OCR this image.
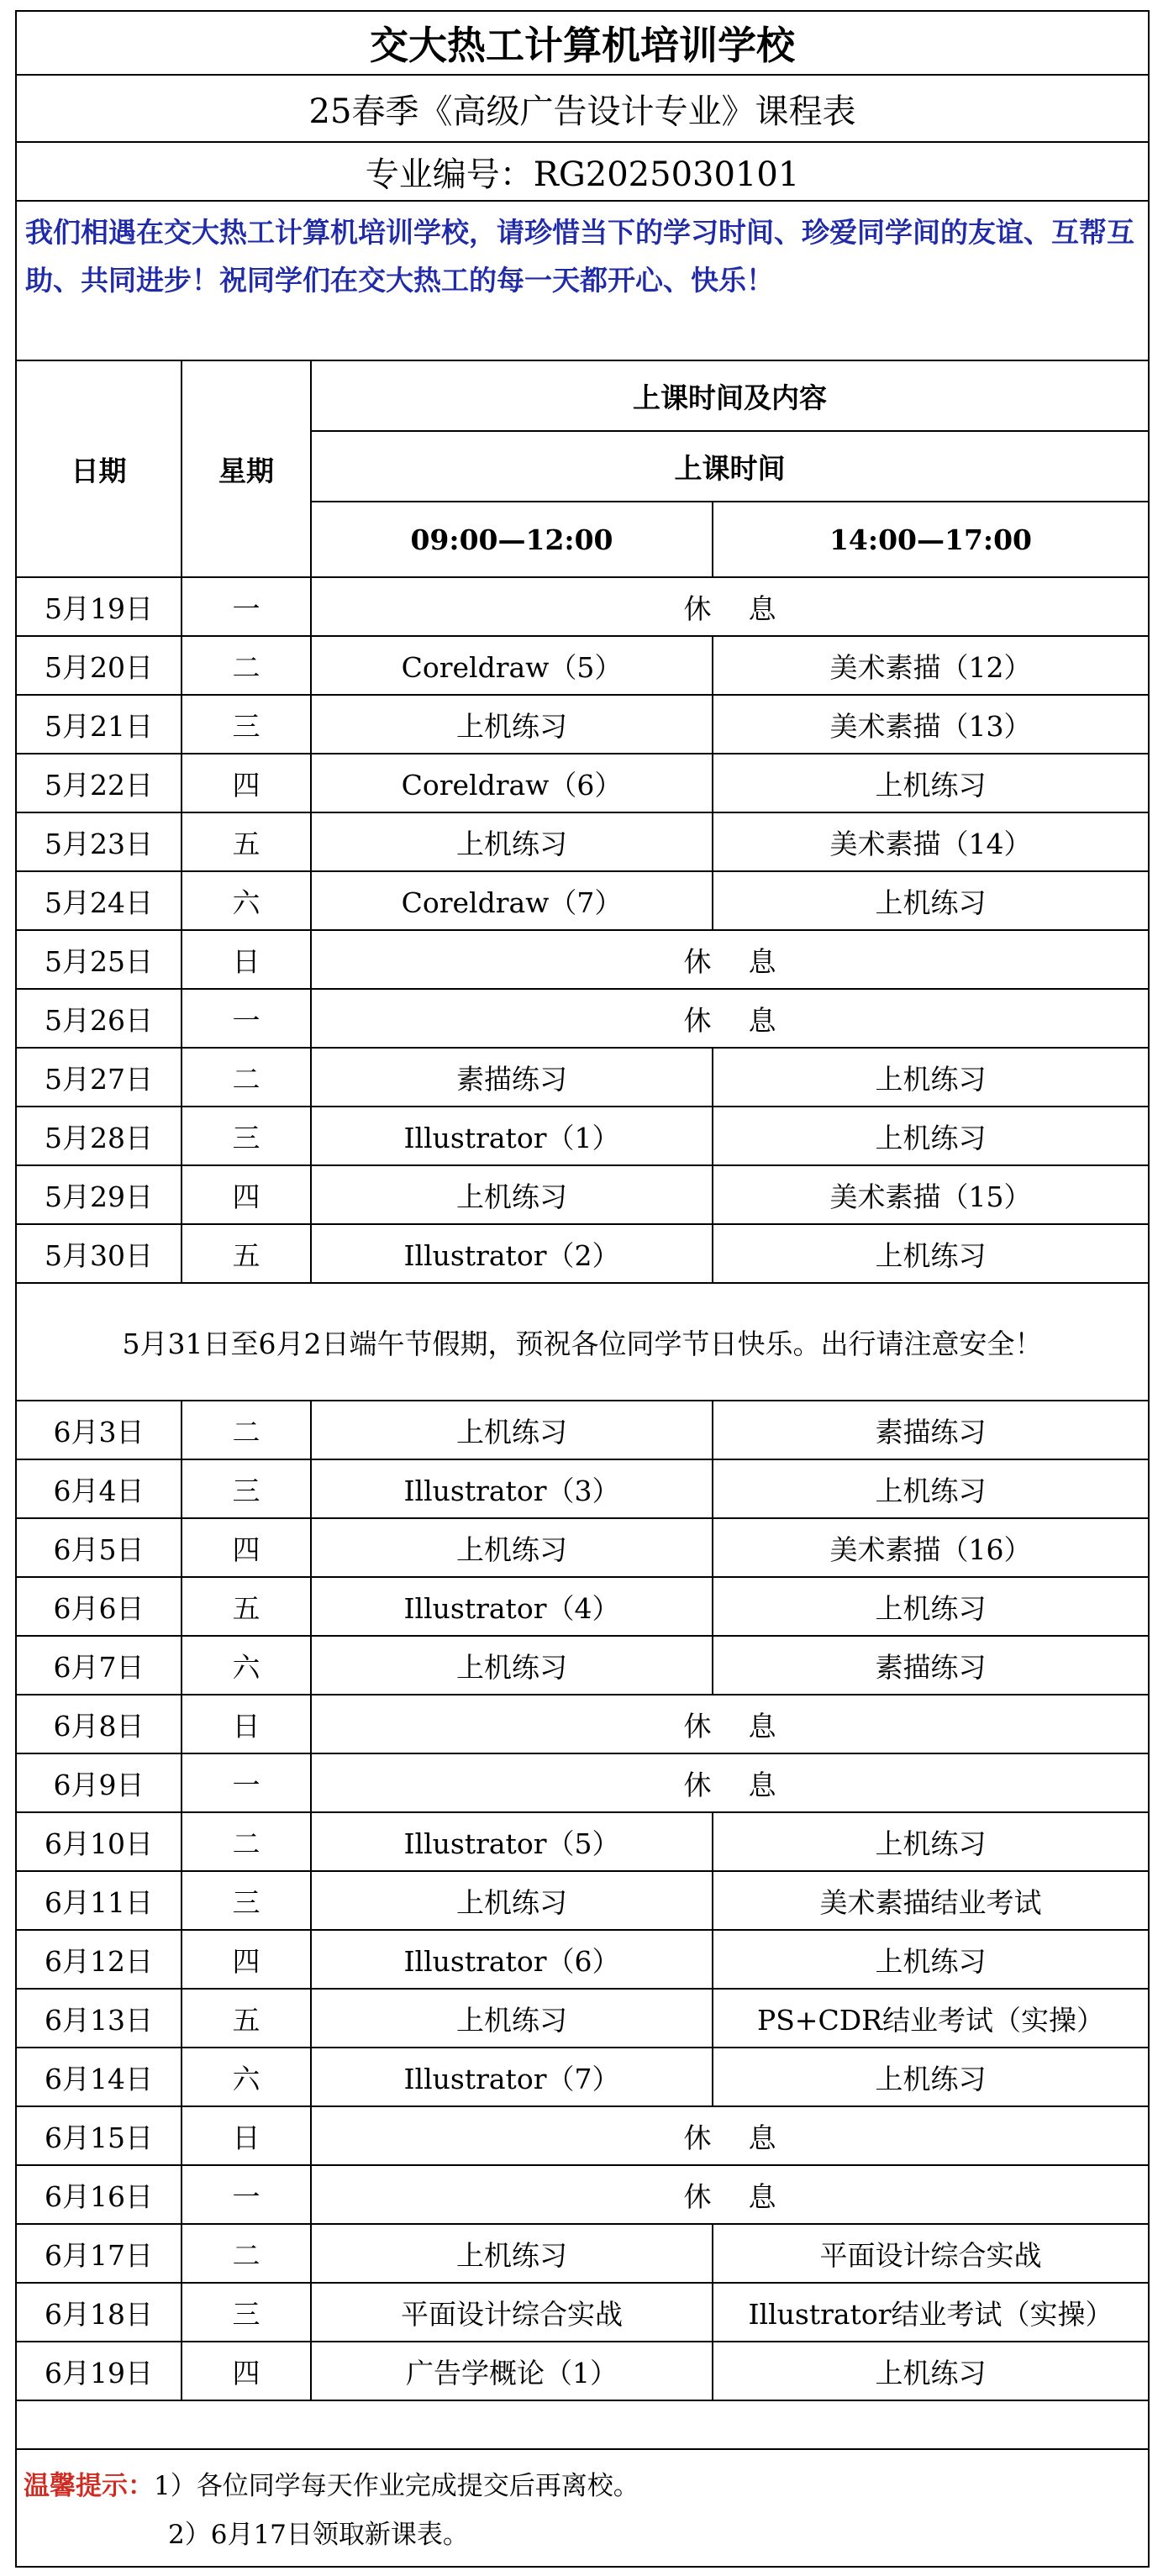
交大热工计算机培训学校
25春季《高级广告设计专业》课程表
专业编号：RG2025030101
我们相遇在交大热工计算机培训学校，请珍惜当下的学习时间、珍爱同学间的友谊、互帮互助、共同进步！祝同学们在交大热工的每一天都开心、快乐！
日期	星期	上课时间及内容	
		上课时间	
		09:00—12:00	14:00—17:00
5月19日	一	休 息	
5月20日	二	Coreldraw（5）	美术素描（12）
5月21日	三	上机练习	美术素描（13）
5月22日	四	Coreldraw（6）	上机练习
5月23日	五	上机练习	美术素描（14）
5月24日	六	Coreldraw（7）	上机练习
5月25日	日	休 息	
5月26日	一	休 息	
5月27日	二	素描练习	上机练习
5月28日	三	Illustrator（1）	上机练习
5月29日	四	上机练习	美术素描（15）
5月30日	五	Illustrator（2）	上机练习
5月31日至6月2日端午节假期，预祝各位同学节日快乐。出行请注意安全！			
6月3日	二	上机练习	素描练习
6月4日	三	Illustrator（3）	上机练习
6月5日	四	上机练习	美术素描（16）
6月6日	五	Illustrator（4）	上机练习
6月7日	六	上机练习	素描练习
6月8日	日	休 息	
6月9日	一	休 息	
6月10日	二	Illustrator（5）	上机练习
6月11日	三	上机练习	美术素描结业考试
6月12日	四	Illustrator（6）	上机练习
6月13日	五	上机练习	PS+CDR结业考试（实操）
6月14日	六	Illustrator（7）	上机练习
6月15日	日	休 息	
6月16日	一	休 息	
6月17日	二	上机练习	平面设计综合实战
6月18日	三	平面设计综合实战	Illustrator结业考试（实操）
6月19日	四	广告学概论（1）	上机练习
温馨提示：1）各位同学每天作业完成提交后再离校。
2）6月17日领取新课表。
